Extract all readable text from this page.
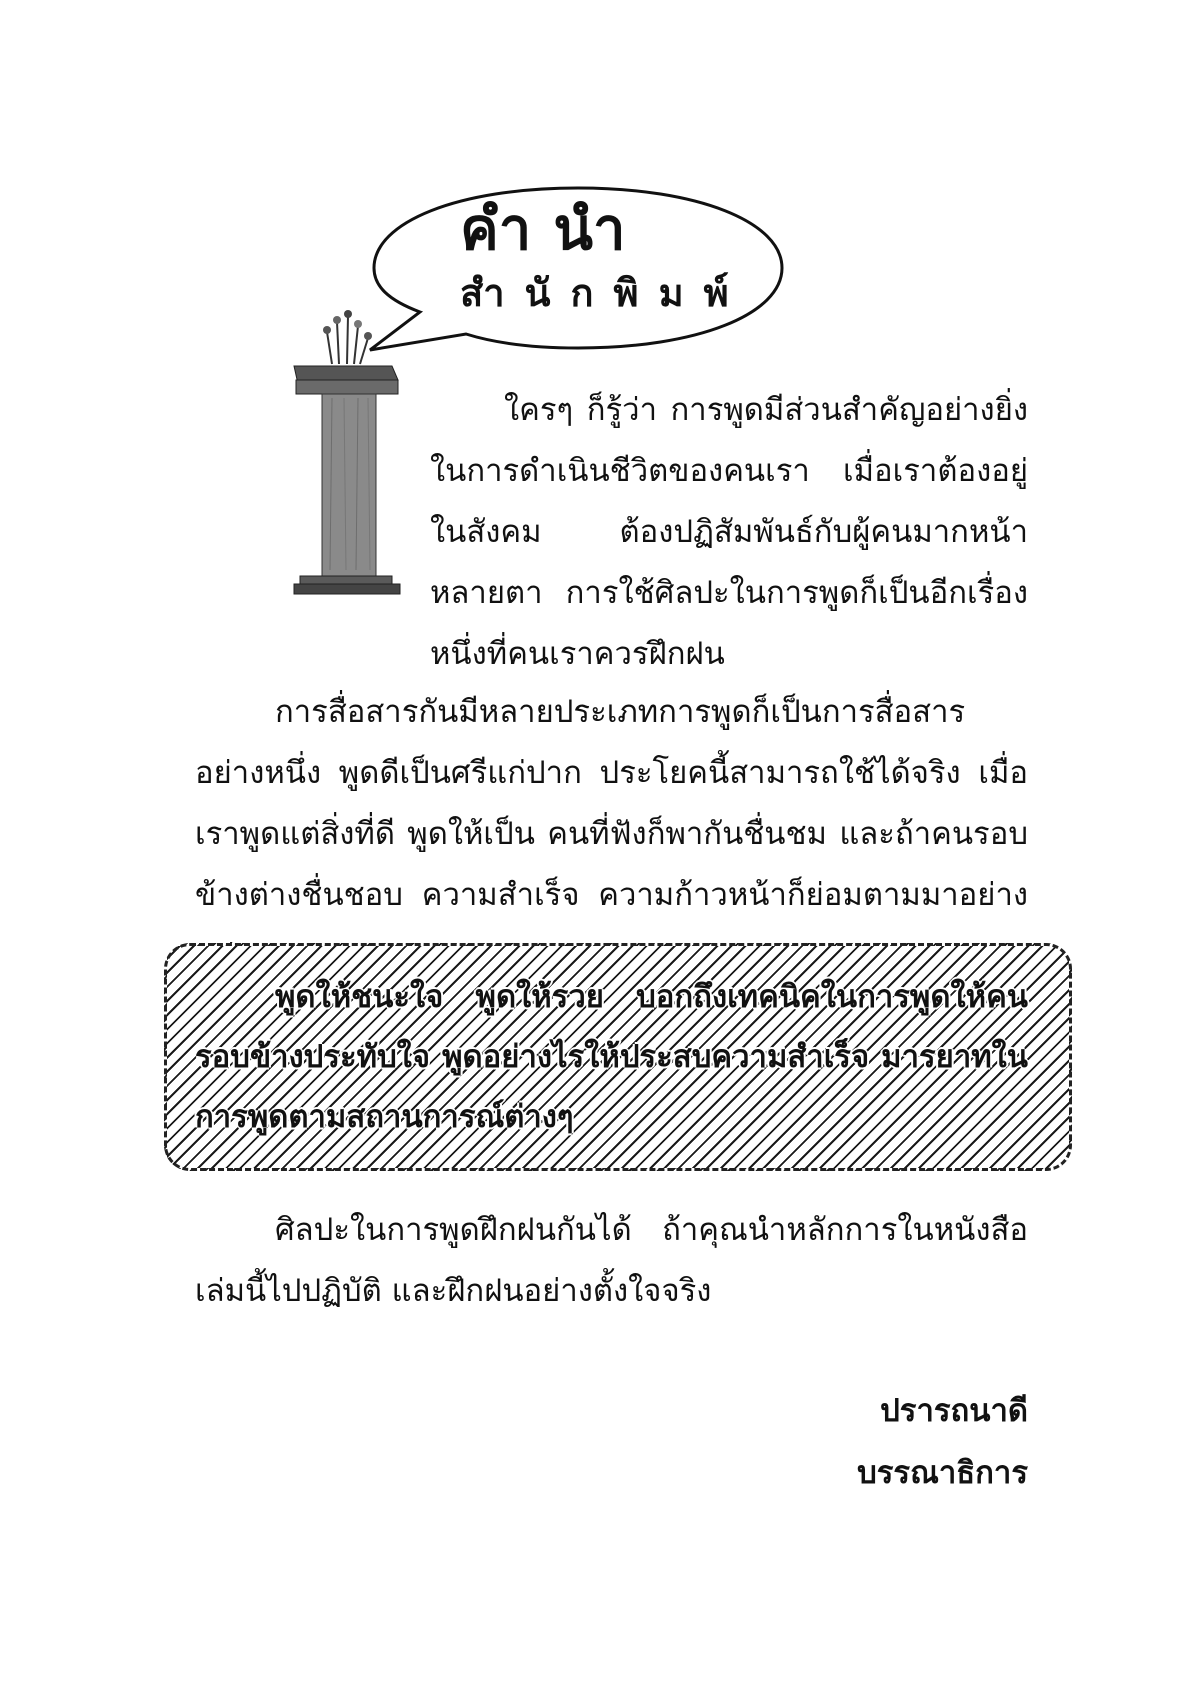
คำนำ
สำนักพิมพ์

ใครๆ ก็รู้ว่า การพูดมีส่วนสำคัญอย่างยิ่งในการดำเนินชีวิตของคนเรา เมื่อเราต้องอยู่ในสังคม ต้องปฏิสัมพันธ์กับผู้คนมากหน้าหลายตา การใช้ศิลปะในการพูดก็เป็นอีกเรื่องหนึ่งที่คนเราควรฝึกฝน

การสื่อสารกันมีหลายประเภทการพูดก็เป็นการสื่อสารอย่างหนึ่ง พูดดีเป็นศรีแก่ปาก ประโยคนี้สามารถใช้ได้จริง เมื่อเราพูดแต่สิ่งที่ดี พูดให้เป็น คนที่ฟังก็พากันชื่นชม และถ้าคนรอบข้างต่างชื่นชอบ ความสำเร็จ ความก้าวหน้าก็ย่อมตามมาอย่าง

พูดให้ชนะใจ พูดให้รวย บอกถึงเทคนิคในการพูดให้คนรอบข้างประทับใจ พูดอย่างไรให้ประสบความสำเร็จ มารยาทในการพูดตามสถานการณ์ต่างๆ

ศิลปะในการพูดฝึกฝนกันได้ ถ้าคุณนำหลักการในหนังสือเล่มนี้ไปปฏิบัติ และฝึกฝนอย่างตั้งใจจริง

ปรารถนาดี
บรรณาธิการ
